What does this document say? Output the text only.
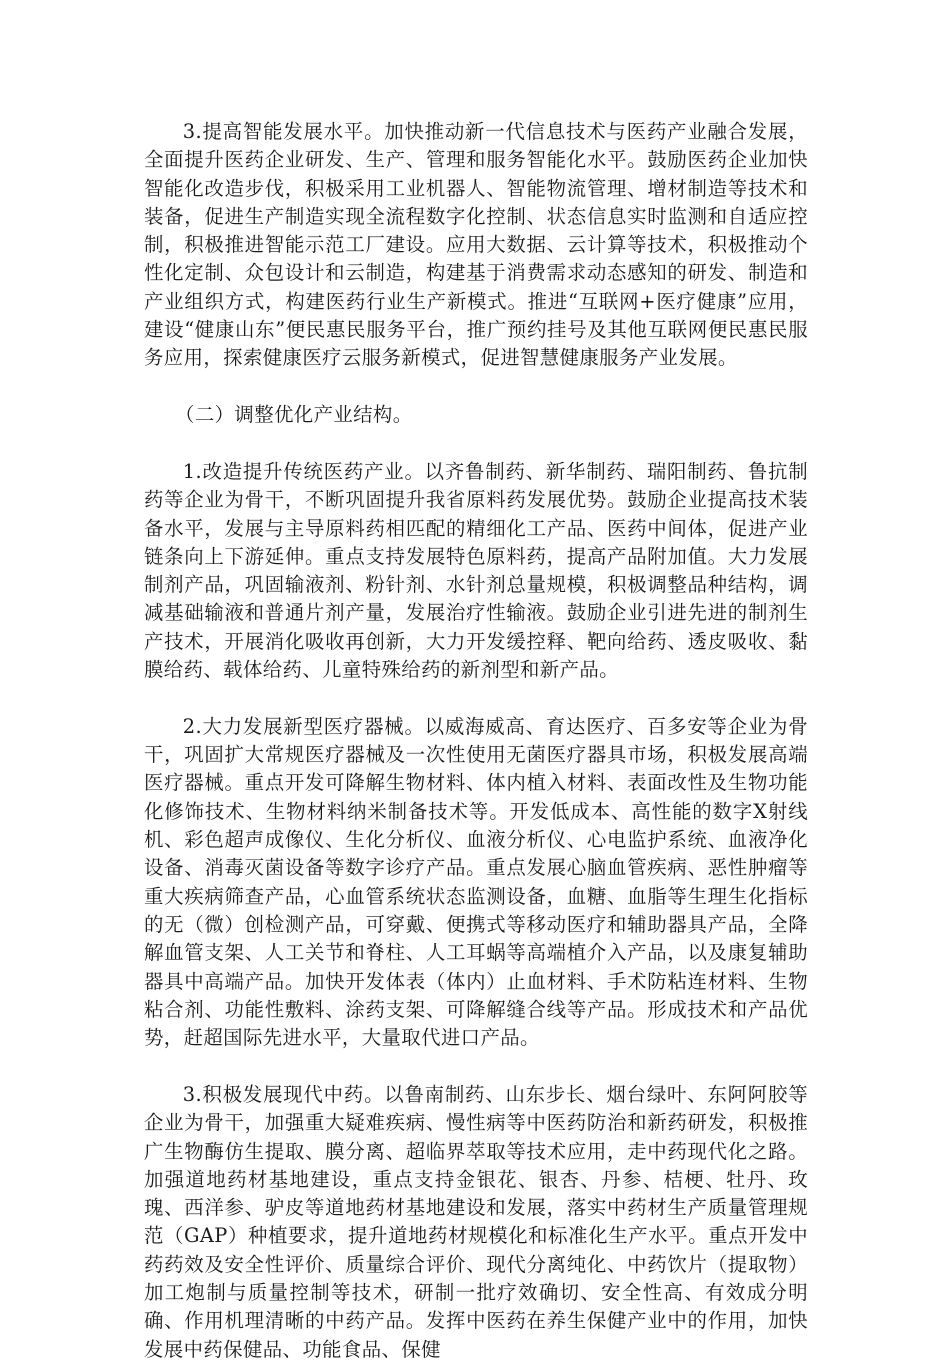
3.提高智能发展水平。加快推动新一代信息技术与医药产业融合发展，全面提升医药企业研发、生产、管理和服务智能化水平。鼓励医药企业加快智能化改造步伐，积极采用工业机器人、智能物流管理、增材制造等技术和装备，促进生产制造实现全流程数字化控制、状态信息实时监测和自适应控制，积极推进智能示范工厂建设。应用大数据、云计算等技术，积极推动个性化定制、众包设计和云制造，构建基于消费需求动态感知的研发、制造和产业组织方式，构建医药行业生产新模式。推进“互联网+医疗健康”应用，建设“健康山东”便民惠民服务平台，推广预约挂号及其他互联网便民惠民服务应用，探索健康医疗云服务新模式，促进智慧健康服务产业发展。

（二）调整优化产业结构。

1.改造提升传统医药产业。以齐鲁制药、新华制药、瑞阳制药、鲁抗制药等企业为骨干，不断巩固提升我省原料药发展优势。鼓励企业提高技术装备水平，发展与主导原料药相匹配的精细化工产品、医药中间体，促进产业链条向上下游延伸。重点支持发展特色原料药，提高产品附加值。大力发展制剂产品，巩固输液剂、粉针剂、水针剂总量规模，积极调整品种结构，调减基础输液和普通片剂产量，发展治疗性输液。鼓励企业引进先进的制剂生产技术，开展消化吸收再创新，大力开发缓控释、靶向给药、透皮吸收、黏膜给药、载体给药、儿童特殊给药的新剂型和新产品。

2.大力发展新型医疗器械。以威海威高、育达医疗、百多安等企业为骨干，巩固扩大常规医疗器械及一次性使用无菌医疗器具市场，积极发展高端医疗器械。重点开发可降解生物材料、体内植入材料、表面改性及生物功能化修饰技术、生物材料纳米制备技术等。开发低成本、高性能的数字X射线机、彩色超声成像仪、生化分析仪、血液分析仪、心电监护系统、血液净化设备、消毒灭菌设备等数字诊疗产品。重点发展心脑血管疾病、恶性肿瘤等重大疾病筛查产品，心血管系统状态监测设备，血糖、血脂等生理生化指标的无（微）创检测产品，可穿戴、便携式等移动医疗和辅助器具产品，全降解血管支架、人工关节和脊柱、人工耳蜗等高端植介入产品，以及康复辅助器具中高端产品。加快开发体表（体内）止血材料、手术防粘连材料、生物粘合剂、功能性敷料、涂药支架、可降解缝合线等产品。形成技术和产品优势，赶超国际先进水平，大量取代进口产品。

3.积极发展现代中药。以鲁南制药、山东步长、烟台绿叶、东阿阿胶等企业为骨干，加强重大疑难疾病、慢性病等中医药防治和新药研发，积极推广生物酶仿生提取、膜分离、超临界萃取等技术应用，走中药现代化之路。加强道地药材基地建设，重点支持金银花、银杏、丹参、桔梗、牡丹、玫瑰、西洋参、驴皮等道地药材基地建设和发展，落实中药材生产质量管理规范（GAP）种植要求，提升道地药材规模化和标准化生产水平。重点开发中药药效及安全性评价、质量综合评价、现代分离纯化、中药饮片（提取物）加工炮制与质量控制等技术，研制一批疗效确切、安全性高、有效成分明确、作用机理清晰的中药产品。发挥中医药在养生保健产业中的作用，加快发展中药保健品、功能食品、保健
